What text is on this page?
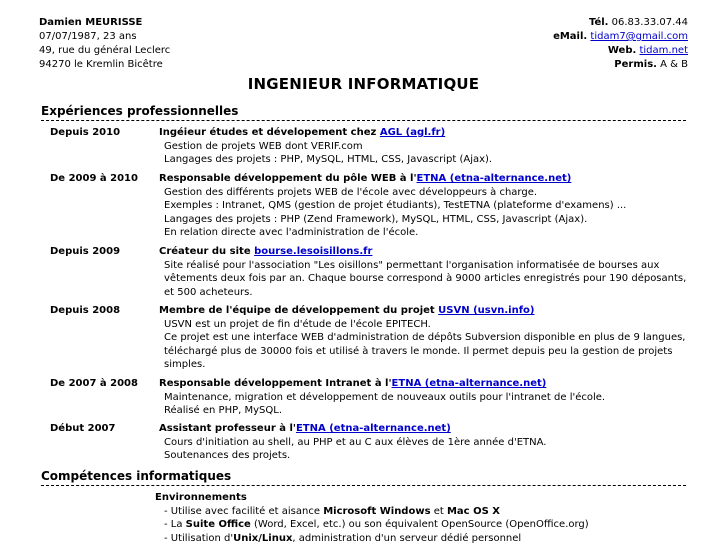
Damien MEURISSE
07/07/1987, 23 ans
49, rue du général Leclerc
94270 le Kremlin Bicêtre
Tél. 06.83.33.07.44
eMail. tidam7@gmail.com
Web. tidam.net
Permis. A & B
INGENIEUR INFORMATIQUE
Expériences professionnelles
Depuis 2010	Ingéieur études et dévelopement chez AGL (agl.fr)
Gestion de projets WEB dont VERIF.com
Langages des projets : PHP, MySQL, HTML, CSS, Javascript (Ajax).
De 2009 à 2010	Responsable développement du pôle WEB à l'ETNA (etna-alternance.net)
Gestion des différents projets WEB de l'école avec développeurs à charge.
Exemples : Intranet, QMS (gestion de projet étudiants), TestETNA (plateforme d'examens) ...
Langages des projets : PHP (Zend Framework), MySQL, HTML, CSS, Javascript (Ajax).
En relation directe avec l'administration de l'école.
Depuis 2009	Créateur du site bourse.lesoisillons.fr
Site réalisé pour l'association "Les oisillons" permettant l'organisation informatisée de bourses aux vêtements deux fois par an. Chaque bourse correspond à 9000 articles enregistrés pour 190 déposants, et 500 acheteurs.
Depuis 2008	Membre de l'équipe de développement du projet USVN (usvn.info)
USVN est un projet de fin d'étude de l'école EPITECH.
Ce projet est une interface WEB d'administration de dépôts Subversion disponible en plus de 9 langues, téléchargé plus de 30000 fois et utilisé à travers le monde. Il permet depuis peu la gestion de projets simples.
De 2007 à 2008	Responsable développement Intranet à l'ETNA (etna-alternance.net)
Maintenance, migration et développement de nouveaux outils pour l'intranet de l'école.
Réalisé en PHP, MySQL.
Début 2007	Assistant professeur à l'ETNA (etna-alternance.net)
Cours d'initiation au shell, au PHP et au C aux élèves de 1ère année d'ETNA.
Soutenances des projets.
Compétences informatiques
Environnements
- Utilise avec facilité et aisance Microsoft Windows et Mac OS X
- La Suite Office (Word, Excel, etc.) ou son équivalent OpenSource (OpenOffice.org)
- Utilisation d'Unix/Linux, administration d'un serveur dédié personnel
